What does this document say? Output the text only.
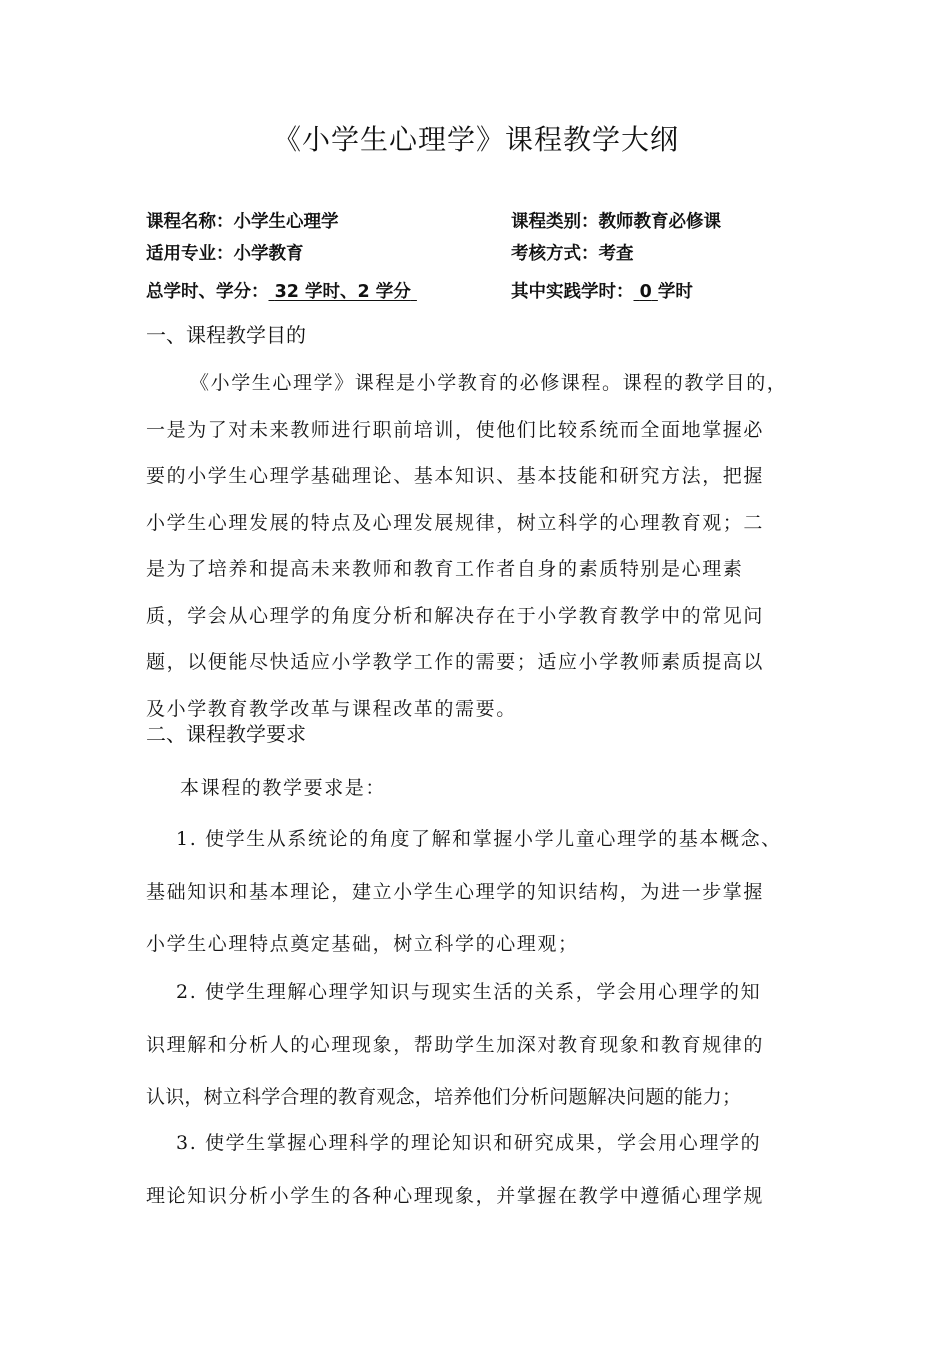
《小学生心理学》课程教学大纲
课程名称：小学生心理学	课程类别：教师教育必修课
适用专业：小学教育	考核方式：考查
总学时、学分： 32 学时、2 学分	其中实践学时： 0 学时
一、课程教学目的
《小学生心理学》课程是小学教育的必修课程。课程的教学目的，
一是为了对未来教师进行职前培训，使他们比较系统而全面地掌握必
要的小学生心理学基础理论、基本知识、基本技能和研究方法，把握
小学生心理发展的特点及心理发展规律，树立科学的心理教育观；二
是为了培养和提高未来教师和教育工作者自身的素质特别是心理素
质，学会从心理学的角度分析和解决存在于小学教育教学中的常见问
题，以便能尽快适应小学教学工作的需要；适应小学教师素质提高以
及小学教育教学改革与课程改革的需要。
二、课程教学要求
本课程的教学要求是：
1. 使学生从系统论的角度了解和掌握小学儿童心理学的基本概念、
基础知识和基本理论，建立小学生心理学的知识结构，为进一步掌握
小学生心理特点奠定基础，树立科学的心理观；
2. 使学生理解心理学知识与现实生活的关系，学会用心理学的知
识理解和分析人的心理现象，帮助学生加深对教育现象和教育规律的
认识，树立科学合理的教育观念，培养他们分析问题解决问题的能力；
3. 使学生掌握心理科学的理论知识和研究成果，学会用心理学的
理论知识分析小学生的各种心理现象，并掌握在教学中遵循心理学规
